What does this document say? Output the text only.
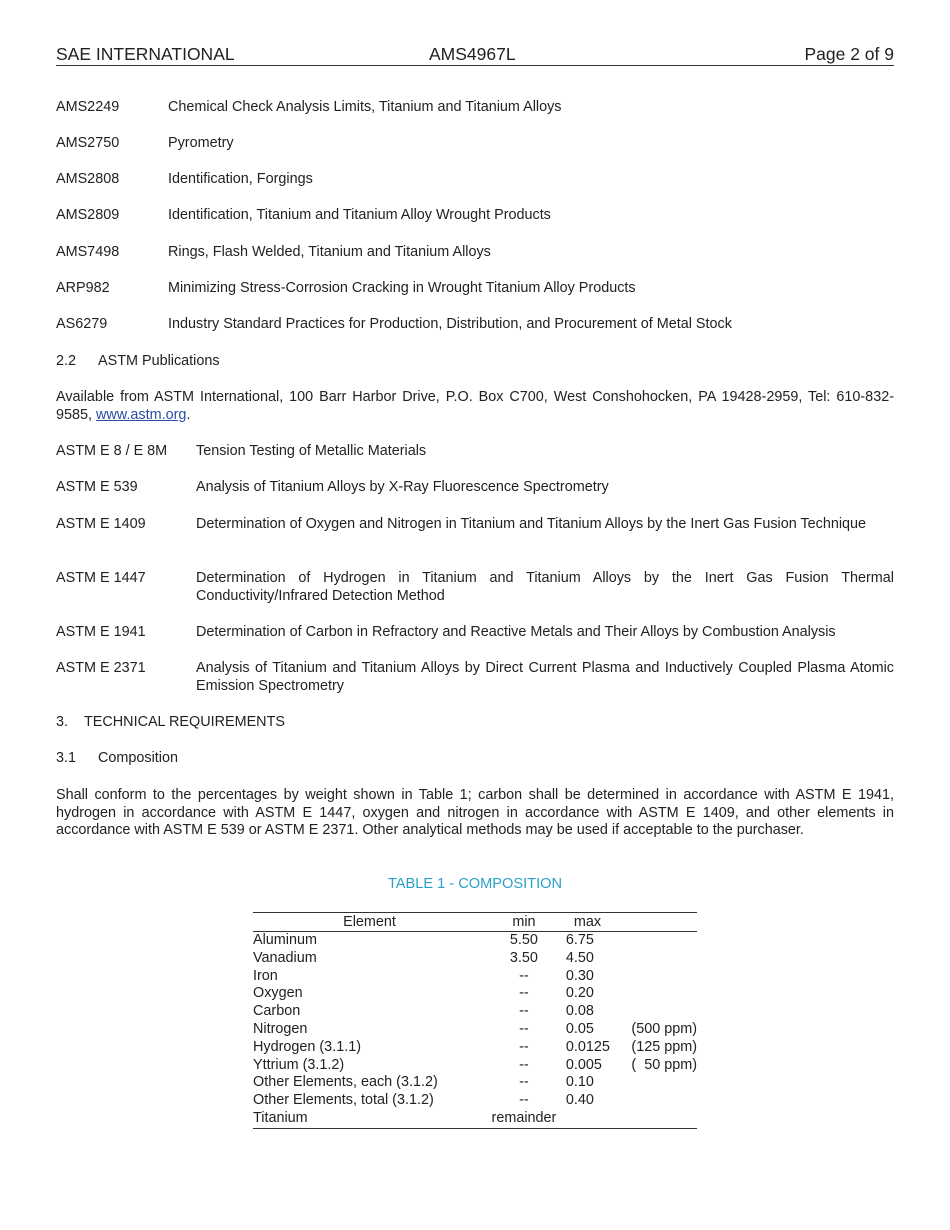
SAE INTERNATIONAL	AMS4967L	Page 2 of 9
AMS2249	Chemical Check Analysis Limits, Titanium and Titanium Alloys
AMS2750	Pyrometry
AMS2808	Identification, Forgings
AMS2809	Identification, Titanium and Titanium Alloy Wrought Products
AMS7498	Rings, Flash Welded, Titanium and Titanium Alloys
ARP982	Minimizing Stress-Corrosion Cracking in Wrought Titanium Alloy Products
AS6279	Industry Standard Practices for Production, Distribution, and Procurement of Metal Stock
2.2 ASTM Publications
Available from ASTM International, 100 Barr Harbor Drive, P.O. Box C700, West Conshohocken, PA 19428-2959, Tel: 610-832-9585, www.astm.org.
ASTM E 8 / E 8M Tension Testing of Metallic Materials
ASTM E 539	Analysis of Titanium Alloys by X-Ray Fluorescence Spectrometry
ASTM E 1409	Determination of Oxygen and Nitrogen in Titanium and Titanium Alloys by the Inert Gas Fusion Technique
ASTM E 1447	Determination of Hydrogen in Titanium and Titanium Alloys by the Inert Gas Fusion Thermal Conductivity/Infrared Detection Method
ASTM E 1941	Determination of Carbon in Refractory and Reactive Metals and Their Alloys by Combustion Analysis
ASTM E 2371	Analysis of Titanium and Titanium Alloys by Direct Current Plasma and Inductively Coupled Plasma Atomic Emission Spectrometry
3. TECHNICAL REQUIREMENTS
3.1 Composition
Shall conform to the percentages by weight shown in Table 1; carbon shall be determined in accordance with ASTM E 1941, hydrogen in accordance with ASTM E 1447, oxygen and nitrogen in accordance with ASTM E 1409, and other elements in accordance with ASTM E 539 or ASTM E 2371. Other analytical methods may be used if acceptable to the purchaser.
TABLE 1 - COMPOSITION
Element	min	max	
Aluminum	5.50	6.75	
Vanadium	3.50	4.50	
Iron	--	0.30	
Oxygen	--	0.20	
Carbon	--	0.08	
Nitrogen	--	0.05	(500 ppm)
Hydrogen (3.1.1)	--	0.0125	(125 ppm)
Yttrium (3.1.2)	--	0.005	(  50 ppm)
Other Elements, each (3.1.2)	--	0.10	
Other Elements, total (3.1.2)	--	0.40	
Titanium	remainder		
